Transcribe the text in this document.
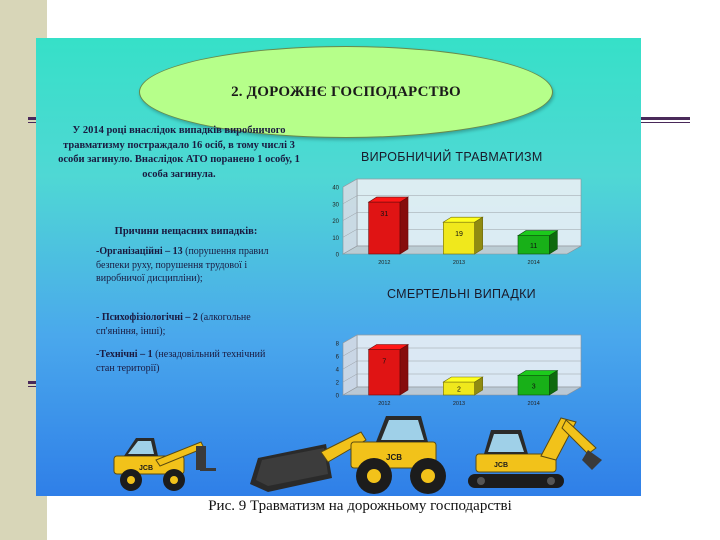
2. ДОРОЖНЄ ГОСПОДАРСТВО
У 2014 році внаслідок випадків виробничого травматизму постраждало 16 осіб, в тому числі 3 особи загинуло. Внаслідок АТО поранено 1 особу, 1 особа загинула.
Причини нещасних випадків:
-Організаційні – 13 (порушення правил безпеки руху, порушення трудової і виробничої дисципліни);
- Психофізіологічні – 2 (алкогольне сп'яніння, інші);
-Технічні – 1 (незадовільний технічний стан території)
ВИРОБНИЧИЙ ТРАВМАТИЗМ
0
10
20
30
40
31
2012
19
2013
11
2014
СМЕРТЕЛЬНІ ВИПАДКИ
0
2
4
6
8
7
2012
2
2013
3
2014
JCB
JCB
JCB
Рис. 9 Травматизм на дорожньому господарстві
